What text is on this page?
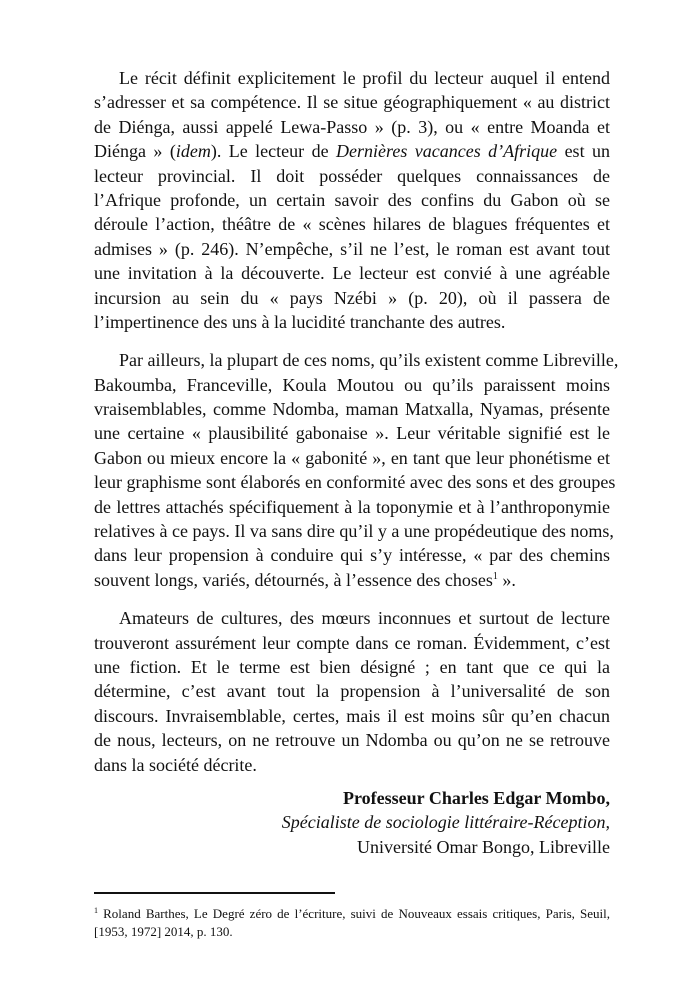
Le récit définit explicitement le profil du lecteur auquel il entend
s’adresser et sa compétence. Il se situe géographiquement « au district
de Diénga, aussi appelé Lewa-Passo » (p. 3), ou « entre Moanda et
Diénga » (idem). Le lecteur de Dernières vacances d’Afrique est un
lecteur provincial. Il doit posséder quelques connaissances de
l’Afrique profonde, un certain savoir des confins du Gabon où se
déroule l’action, théâtre de « scènes hilares de blagues fréquentes et
admises » (p. 246). N’empêche, s’il ne l’est, le roman est avant tout
une invitation à la découverte. Le lecteur est convié à une agréable
incursion au sein du « pays Nzébi » (p. 20), où il passera de
l’impertinence des uns à la lucidité tranchante des autres.
Par ailleurs, la plupart de ces noms, qu’ils existent comme Libreville,
Bakoumba, Franceville, Koula Moutou ou qu’ils paraissent moins
vraisemblables, comme Ndomba, maman Matxalla, Nyamas, présente
une certaine « plausibilité gabonaise ». Leur véritable signifié est le
Gabon ou mieux encore la « gabonité », en tant que leur phonétisme et
leur graphisme sont élaborés en conformité avec des sons et des groupes
de lettres attachés spécifiquement à la toponymie et à l’anthroponymie
relatives à ce pays. Il va sans dire qu’il y a une propédeutique des noms,
dans leur propension à conduire qui s’y intéresse, « par des chemins
souvent longs, variés, détournés, à l’essence des choses$^1$ ».
Amateurs de cultures, des mœurs inconnues et surtout de lecture
trouveront assurément leur compte dans ce roman. Évidemment, c’est
une fiction. Et le terme est bien désigné ; en tant que ce qui la
détermine, c’est avant tout la propension à l’universalité de son
discours. Invraisemblable, certes, mais il est moins sûr qu’en chacun
de nous, lecteurs, on ne retrouve un Ndomba ou qu’on ne se retrouve
dans la société décrite.
Professeur Charles Edgar Mombo,
Spécialiste de sociologie littéraire-Réception,
Université Omar Bongo, Libreville
$^1$ Roland Barthes, Le Degré zéro de l’écriture, suivi de Nouveaux essais critiques, Paris, Seuil,
[1953, 1972] 2014, p. 130.
